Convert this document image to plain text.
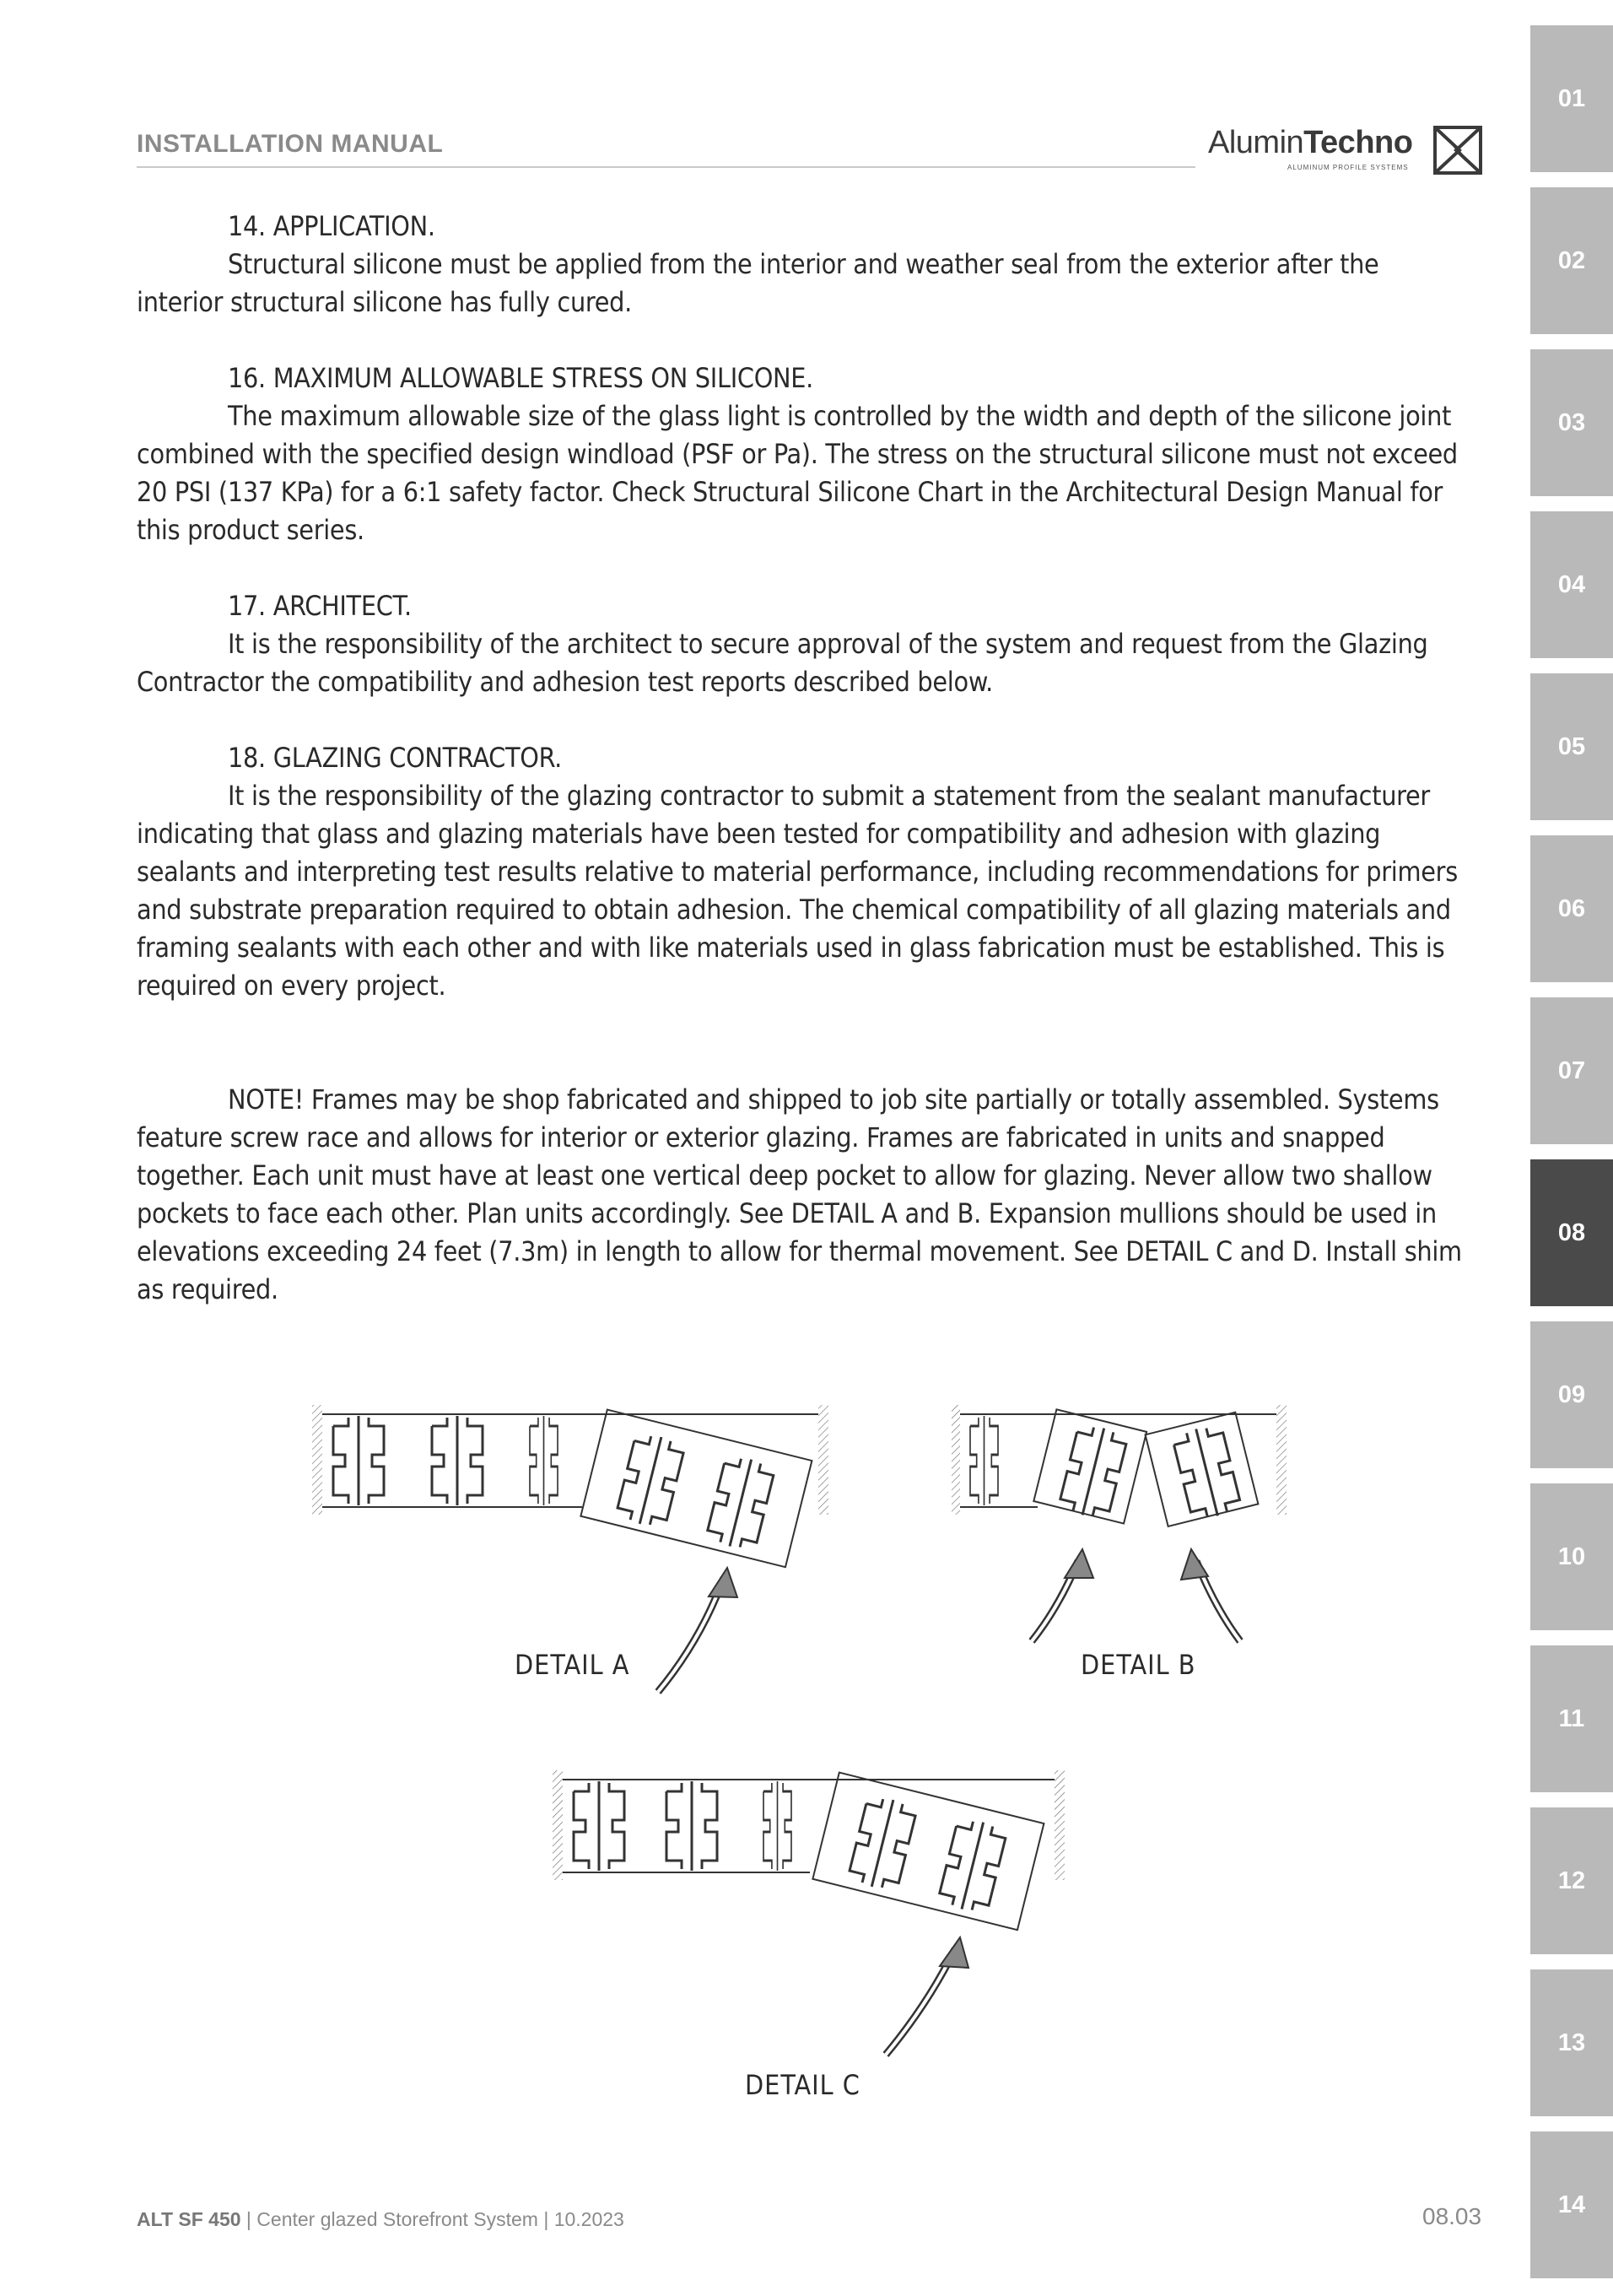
INSTALLATION MANUAL	AluminTechno
ALUMINUM PROFILE SYSTEMS
14. APPLICATION.
Structural silicone must be applied from the interior and weather seal from the exterior after the interior structural silicone has fully cured.
16. MAXIMUM ALLOWABLE STRESS ON SILICONE.
The maximum allowable size of the glass light is controlled by the width and depth of the silicone joint combined with the specified design windload (PSF or Pa). The stress on the structural silicone must not exceed 20 PSI (137 KPa) for a 6:1 safety factor. Check Structural Silicone Chart in the Architectural Design Manual for this product series.
17. ARCHITECT.
It is the responsibility of the architect to secure approval of the system and request from the Glazing Contractor the compatibility and adhesion test reports described below.
18. GLAZING CONTRACTOR.
It is the responsibility of the glazing contractor to submit a statement from the sealant manufacturer indicating that glass and glazing materials have been tested for compatibility and adhesion with glazing sealants and interpreting test results relative to material performance, including recommendations for primers and substrate preparation required to obtain adhesion. The chemical compatibility of all glazing materials and framing sealants with each other and with like materials used in glass fabrication must be established. This is required on every project.
NOTE! Frames may be shop fabricated and shipped to job site partially or totally assembled. Systems feature screw race and allows for interior or exterior glazing. Frames are fabricated in units and snapped together. Each unit must have at least one vertical deep pocket to allow for glazing. Never allow two shallow pockets to face each other. Plan units accordingly. See DETAIL A and B. Expansion mullions should be used in elevations exceeding 24 feet (7.3m) in length to allow for thermal movement. See DETAIL C and D. Install shim as required.
DETAIL A	DETAIL B
DETAIL C
01
02
03
04
05
06
07
08
09
10
11
12
13
14
ALT SF 450 | Center glazed Storefront System | 10.2023	08.03
